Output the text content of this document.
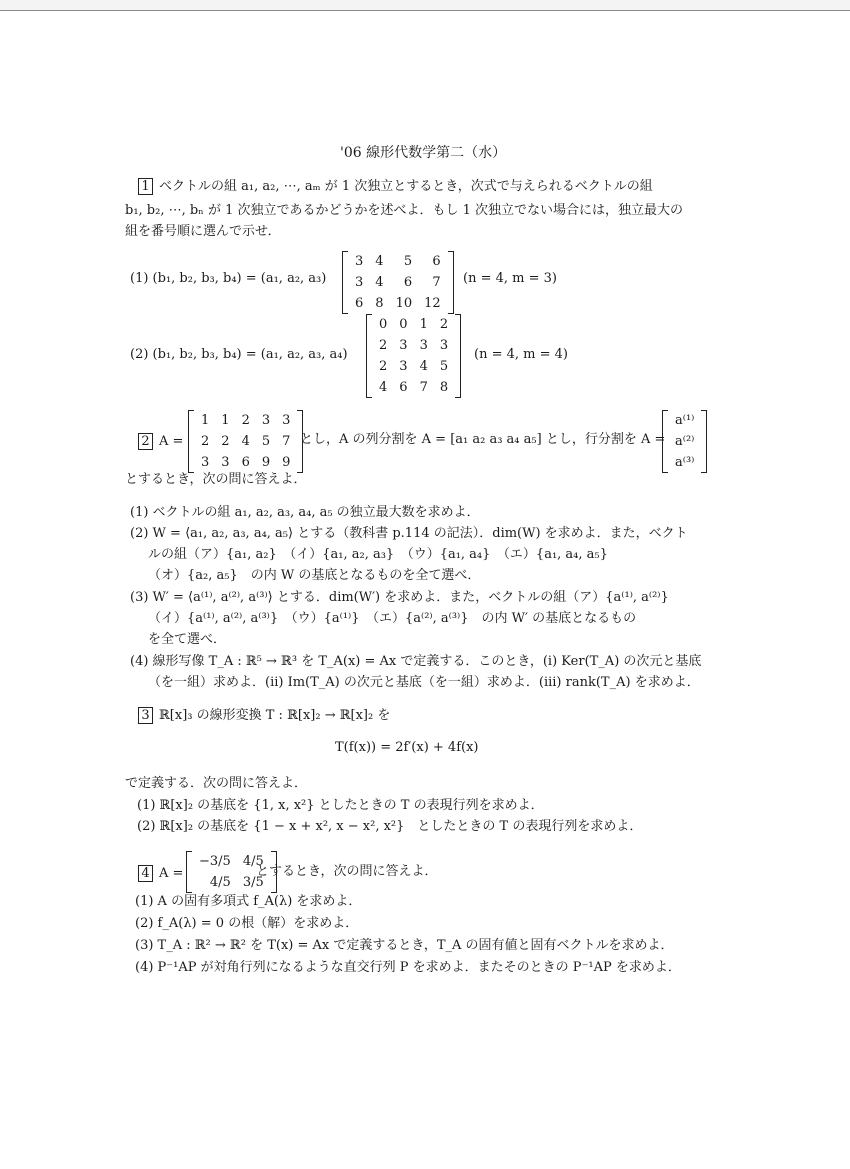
'06 線形代数学第二（水）
1 ベクトルの組 a₁, a₂, ⋯, aₘ が 1 次独立とするとき，次式で与えられるベクトルの組
b₁, b₂, ⋯, bₙ が 1 次独立であるかどうかを述べよ．もし 1 次独立でない場合には，独立最大の
組を番号順に選んで示せ．
(1) (b₁, b₂, b₃, b₄) = (a₁, a₂, a₃)
3	4	5	6
3	4	6	7
6	8	10	12
(n = 4, m = 3)
(2) (b₁, b₂, b₃, b₄) = (a₁, a₂, a₃, a₄)
0	0	1	2
2	3	3	3
2	3	4	5
4	6	7	8
(n = 4, m = 4)
2 A =
1	1	2	3	3
2	2	4	5	7
3	3	6	9	9
とし，A の列分割を A = [a₁ a₂ a₃ a₄ a₅] とし，行分割を A =
a⁽¹⁾
a⁽²⁾
a⁽³⁾
とするとき，次の問に答えよ．
(1) ベクトルの組 a₁, a₂, a₃, a₄, a₅ の独立最大数を求めよ．
(2) W = ⟨a₁, a₂, a₃, a₄, a₅⟩ とする（教科書 p.114 の記法）．dim(W) を求めよ．また，ベクト
ルの組（ア）{a₁, a₂}　（イ）{a₁, a₂, a₃}　（ウ）{a₁, a₄}　（エ）{a₁, a₄, a₅}
（オ）{a₂, a₅}　の内 W の基底となるものを全て選べ．
(3) W′ = ⟨a⁽¹⁾, a⁽²⁾, a⁽³⁾⟩ とする．dim(W′) を求めよ．また，ベクトルの組（ア）{a⁽¹⁾, a⁽²⁾}
（イ）{a⁽¹⁾, a⁽²⁾, a⁽³⁾}　（ウ）{a⁽¹⁾}　（エ）{a⁽²⁾, a⁽³⁾}　の内 W′ の基底となるもの
を全て選べ．
(4) 線形写像 T_A : ℝ⁵ → ℝ³ を T_A(x) = Ax で定義する．このとき，(i) Ker(T_A) の次元と基底
（を一組）求めよ．(ii) Im(T_A) の次元と基底（を一組）求めよ．(iii) rank(T_A) を求めよ．
3 ℝ[x]₃ の線形変換 T : ℝ[x]₂ → ℝ[x]₂ を
T(f(x)) = 2f′(x) + 4f(x)
で定義する．次の問に答えよ．
(1) ℝ[x]₂ の基底を {1, x, x²} としたときの T の表現行列を求めよ．
(2) ℝ[x]₂ の基底を {1 − x + x², x − x², x²}　としたときの T の表現行列を求めよ．
4 A =
−3/5	4/5
4/5	3/5
とするとき，次の問に答えよ．
(1) A の固有多項式 f_A(λ) を求めよ．
(2) f_A(λ) = 0 の根（解）を求めよ．
(3) T_A : ℝ² → ℝ² を T(x) = Ax で定義するとき，T_A の固有値と固有ベクトルを求めよ．
(4) P⁻¹AP が対角行列になるような直交行列 P を求めよ．またそのときの P⁻¹AP を求めよ．
